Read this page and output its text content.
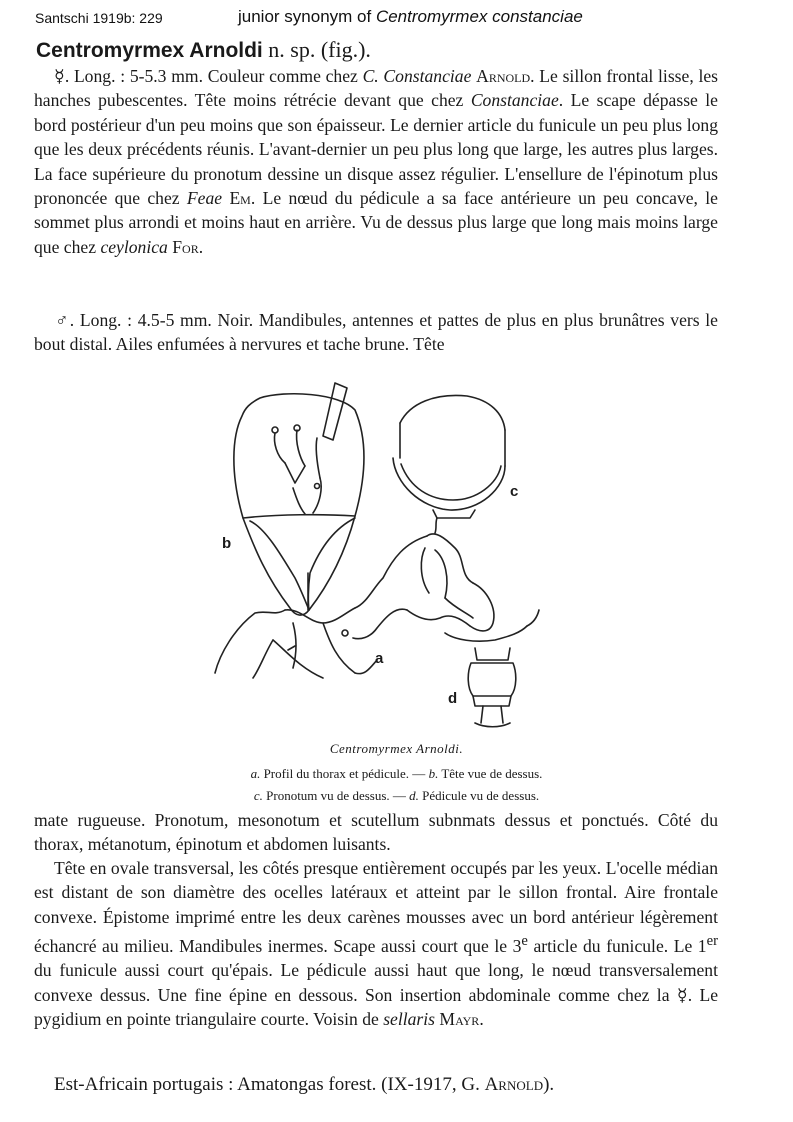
Santschi 1919b: 229	junior synonym of Centromyrmex constanciae
Centromyrmex Arnoldi n. sp. (fig.).
☿. Long. : 5-5.3 mm. Couleur comme chez C. Constanciae Arnold. Le sillon frontal lisse, les hanches pubescentes. Tête moins rétrécie devant que chez Constanciae. Le scape dépasse le bord postérieur d'un peu moins que son épaisseur. Le dernier article du funicule un peu plus long que les deux précédents réunis. L'avant-dernier un peu plus long que large, les autres plus larges. La face supérieure du pronotum dessine un disque assez régulier. L'ensellure de l'épinotum plus prononcée que chez Feae Em. Le nœud du pédicule a sa face antérieure un peu concave, le sommet plus arrondi et moins haut en arrière. Vu de dessus plus large que long mais moins large que chez ceylonica For.
♂. Long. : 4.5-5 mm. Noir. Mandibules, antennes et pattes de plus en plus brunâtres vers le bout distal. Ailes enfumées à nervures et tache brune. Tête
b
c
a
d
Centromyrmex Arnoldi.
a. Profil du thorax et pédicule. — b. Tête vue de dessus.
c. Pronotum vu de dessus. — d. Pédicule vu de dessus.
mate rugueuse. Pronotum, mesonotum et scutellum subnmats dessus et ponctués. Côté du thorax, métanotum, épinotum et abdomen luisants.
Tête en ovale transversal, les côtés presque entièrement occupés par les yeux. L'ocelle médian est distant de son diamètre des ocelles latéraux et atteint par le sillon frontal. Aire frontale convexe. Épistome imprimé entre les deux carènes mousses avec un bord antérieur légèrement échancré au milieu. Mandibules inermes. Scape aussi court que le 3e article du funicule. Le 1er du funicule aussi court qu'épais. Le pédicule aussi haut que long, le nœud transversalement convexe dessus. Une fine épine en dessous. Son insertion abdominale comme chez la ☿. Le pygidium en pointe triangulaire courte. Voisin de sellaris Mayr.
Est-Africain portugais : Amatongas forest. (IX-1917, G. Arnold).
